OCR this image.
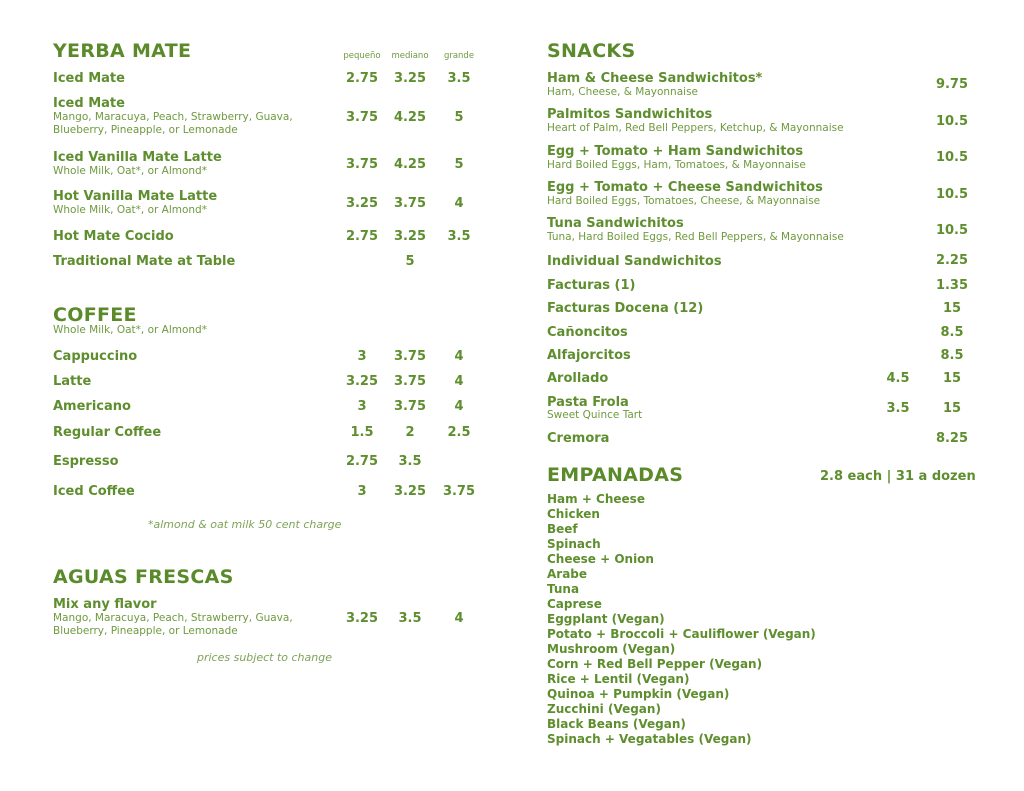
YERBA MATE	pequeño	mediano	grande
Iced Mate	2.75	3.25	3.5
Iced Mate
Mango, Maracuya, Peach, Strawberry, Guava,
Blueberry, Pineapple, or Lemonade
3.75	4.25	5
Iced Vanilla Mate Latte
Whole Milk, Oat*, or Almond*	3.75	4.25	5
Hot Vanilla Mate Latte
Whole Milk, Oat*, or Almond*	3.25	3.75	4
Hot Mate Cocido	2.75	3.25	3.5
Traditional Mate at Table	5
COFFEE
Whole Milk, Oat*, or Almond*
Cappuccino	3	3.75	4
Latte	3.25	3.75	4
Americano	3	3.75	4
Regular Coffee	1.5	2	2.5
Espresso	2.75	3.5
Iced Coffee	3	3.25	3.75
*almond & oat milk 50 cent charge
AGUAS FRESCAS
Mix any flavor
Mango, Maracuya, Peach, Strawberry, Guava,
Blueberry, Pineapple, or Lemonade
3.25	3.5	4
prices subject to change
SNACKS
Ham & Cheese Sandwichitos*
Ham, Cheese, & Mayonnaise	9.75
Palmitos Sandwichitos
Heart of Palm, Red Bell Peppers, Ketchup, & Mayonnaise	10.5
Egg + Tomato + Ham Sandwichitos
Hard Boiled Eggs, Ham, Tomatoes, & Mayonnaise	10.5
Egg + Tomato + Cheese Sandwichitos
Hard Boiled Eggs, Tomatoes, Cheese, & Mayonnaise	10.5
Tuna Sandwichitos
Tuna, Hard Boiled Eggs, Red Bell Peppers, & Mayonnaise	10.5
Individual Sandwichitos	2.25
Facturas (1)	1.35
Facturas Docena (12)	15
Cañoncitos	8.5
Alfajorcitos	8.5
Arollado	4.5	15
Pasta Frola
Sweet Quince Tart	3.5	15
Cremora	8.25
EMPANADAS	2.8 each | 31 a dozen
Ham + Cheese
Chicken
Beef
Spinach
Cheese + Onion
Arabe
Tuna
Caprese
Eggplant (Vegan)
Potato + Broccoli + Cauliflower (Vegan)
Mushroom (Vegan)
Corn + Red Bell Pepper (Vegan)
Rice + Lentil (Vegan)
Quinoa + Pumpkin (Vegan)
Zucchini (Vegan)
Black Beans (Vegan)
Spinach + Vegatables (Vegan)
